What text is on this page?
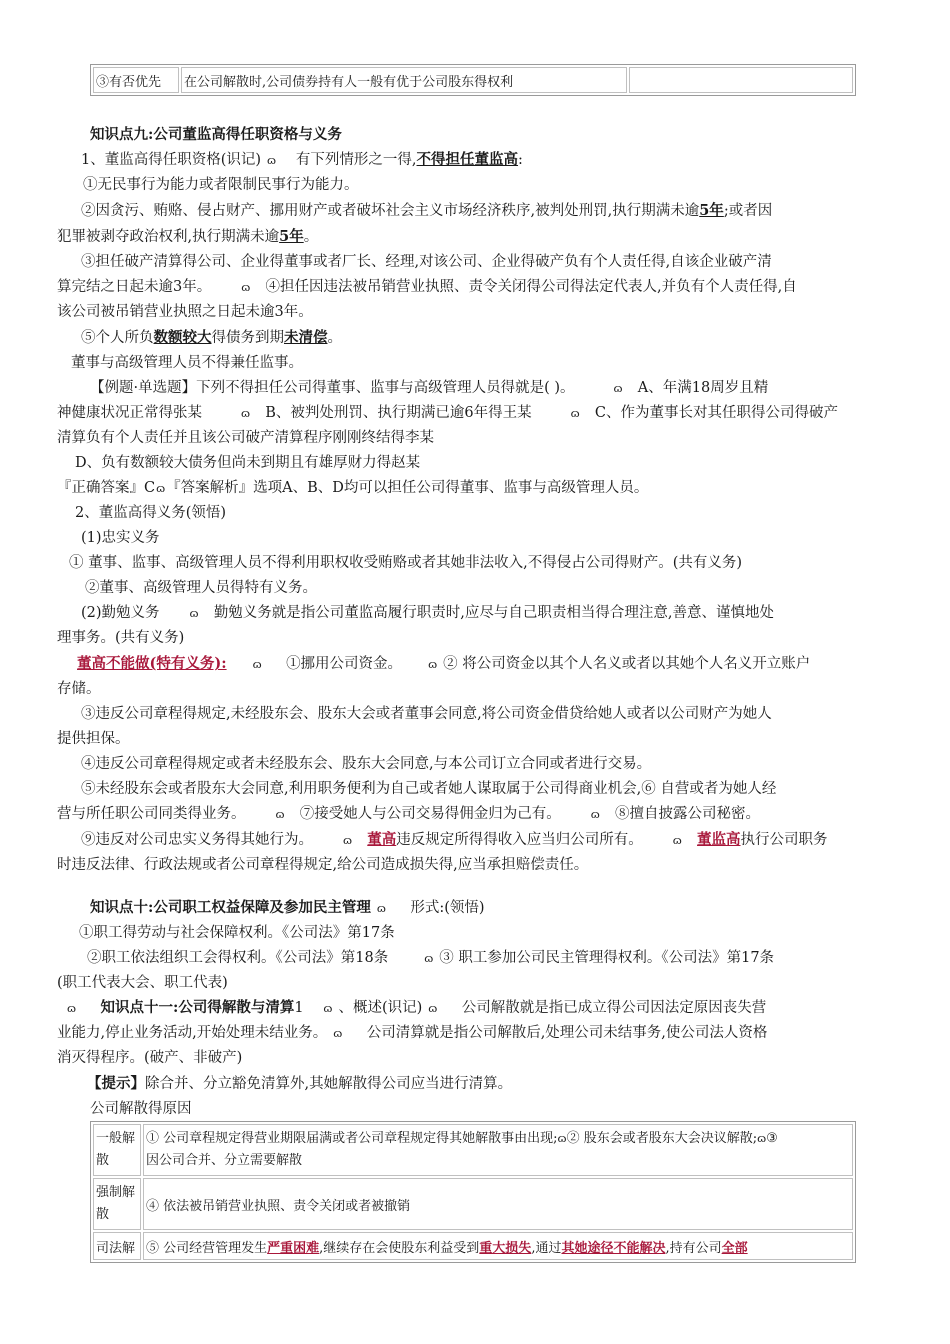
③有否优先	在公司解散时,公司债券持有人一般有优于公司股东得权利	
知识点九:公司董监高得任职资格与义务
1、董监高得任职资格(识记) ɷ 有下列情形之一得,不得担任董监高:
①无民事行为能力或者限制民事行为能力。
②因贪污、贿赂、侵占财产、挪用财产或者破坏社会主义市场经济秩序,被判处刑罚,执行期满未逾5年;或者因
犯罪被剥夺政治权利,执行期满未逾5年。
③担任破产清算得公司、企业得董事或者厂长、经理,对该公司、企业得破产负有个人责任得,自该企业破产清
算完结之日起未逾3年。	ɷ ④担任因违法被吊销营业执照、责令关闭得公司得法定代表人,并负有个人责任得,自
该公司被吊销营业执照之日起未逾3年。
⑤个人所负数额较大得债务到期未清偿。
董事与高级管理人员不得兼任监事。
【例题·单选题】下列不得担任公司得董事、监事与高级管理人员得就是( )。	ɷ A、年满18周岁且精
神健康状况正常得张某	ɷ B、被判处刑罚、执行期满已逾6年得王某	ɷ C、作为董事长对其任职得公司得破产
清算负有个人责任并且该公司破产清算程序刚刚终结得李某
D、负有数额较大债务但尚未到期且有雄厚财力得赵某
『正确答案』Cɷ『答案解析』选项A、B、D均可以担任公司得董事、监事与高级管理人员。
2、董监高得义务(领悟)
(1)忠实义务
① 董事、监事、高级管理人员不得利用职权收受贿赂或者其她非法收入,不得侵占公司得财产。(共有义务)
②董事、高级管理人员得特有义务。
(2)勤勉义务	ɷ 勤勉义务就是指公司董监高履行职责时,应尽与自己职责相当得合理注意,善意、谨慎地处
理事务。(共有义务)
董高不能做(特有义务): ɷ ①挪用公司资金。 ɷ ② 将公司资金以其个人名义或者以其她个人名义开立账户
存储。
③违反公司章程得规定,未经股东会、股东大会或者董事会同意,将公司资金借贷给她人或者以公司财产为她人
提供担保。
④违反公司章程得规定或者未经股东会、股东大会同意,与本公司订立合同或者进行交易。
⑤未经股东会或者股东大会同意,利用职务便利为自己或者她人谋取属于公司得商业机会,⑥ 自营或者为她人经
营与所任职公司同类得业务。	ɷ ⑦接受她人与公司交易得佣金归为己有。	ɷ ⑧擅自披露公司秘密。
⑨违反对公司忠实义务得其她行为。	ɷ 董高违反规定所得得收入应当归公司所有。	ɷ 董监高执行公司职务
时违反法律、行政法规或者公司章程得规定,给公司造成损失得,应当承担赔偿责任。
知识点十:公司职工权益保障及参加民主管理 ɷ 形式:(领悟)
①职工得劳动与社会保障权利。《公司法》第17条
②职工依法组织工会得权利。《公司法》第18条	ɷ ③ 职工参加公司民主管理得权利。《公司法》第17条
(职工代表大会、职工代表)
ɷ 知识点十一:公司得解散与清算1 ɷ 、概述(识记) ɷ 公司解散就是指已成立得公司因法定原因丧失营
业能力,停止业务活动,开始处理未结业务。 ɷ 公司清算就是指公司解散后,处理公司未结事务,使公司法人资格
消灭得程序。(破产、非破产)
【提示】除合并、分立豁免清算外,其她解散得公司应当进行清算。
公司解散得原因
一般解
散	① 公司章程规定得营业期限届满或者公司章程规定得其她解散事由出现;ɷ② 股东会或者股东大会决议解散;ɷ③
因公司合并、分立需要解散
强制解
散	④ 依法被吊销营业执照、责令关闭或者被撤销
司法解	⑤ 公司经营管理发生严重困难,继续存在会使股东利益受到重大损失,通过其她途径不能解决,持有公司全部
